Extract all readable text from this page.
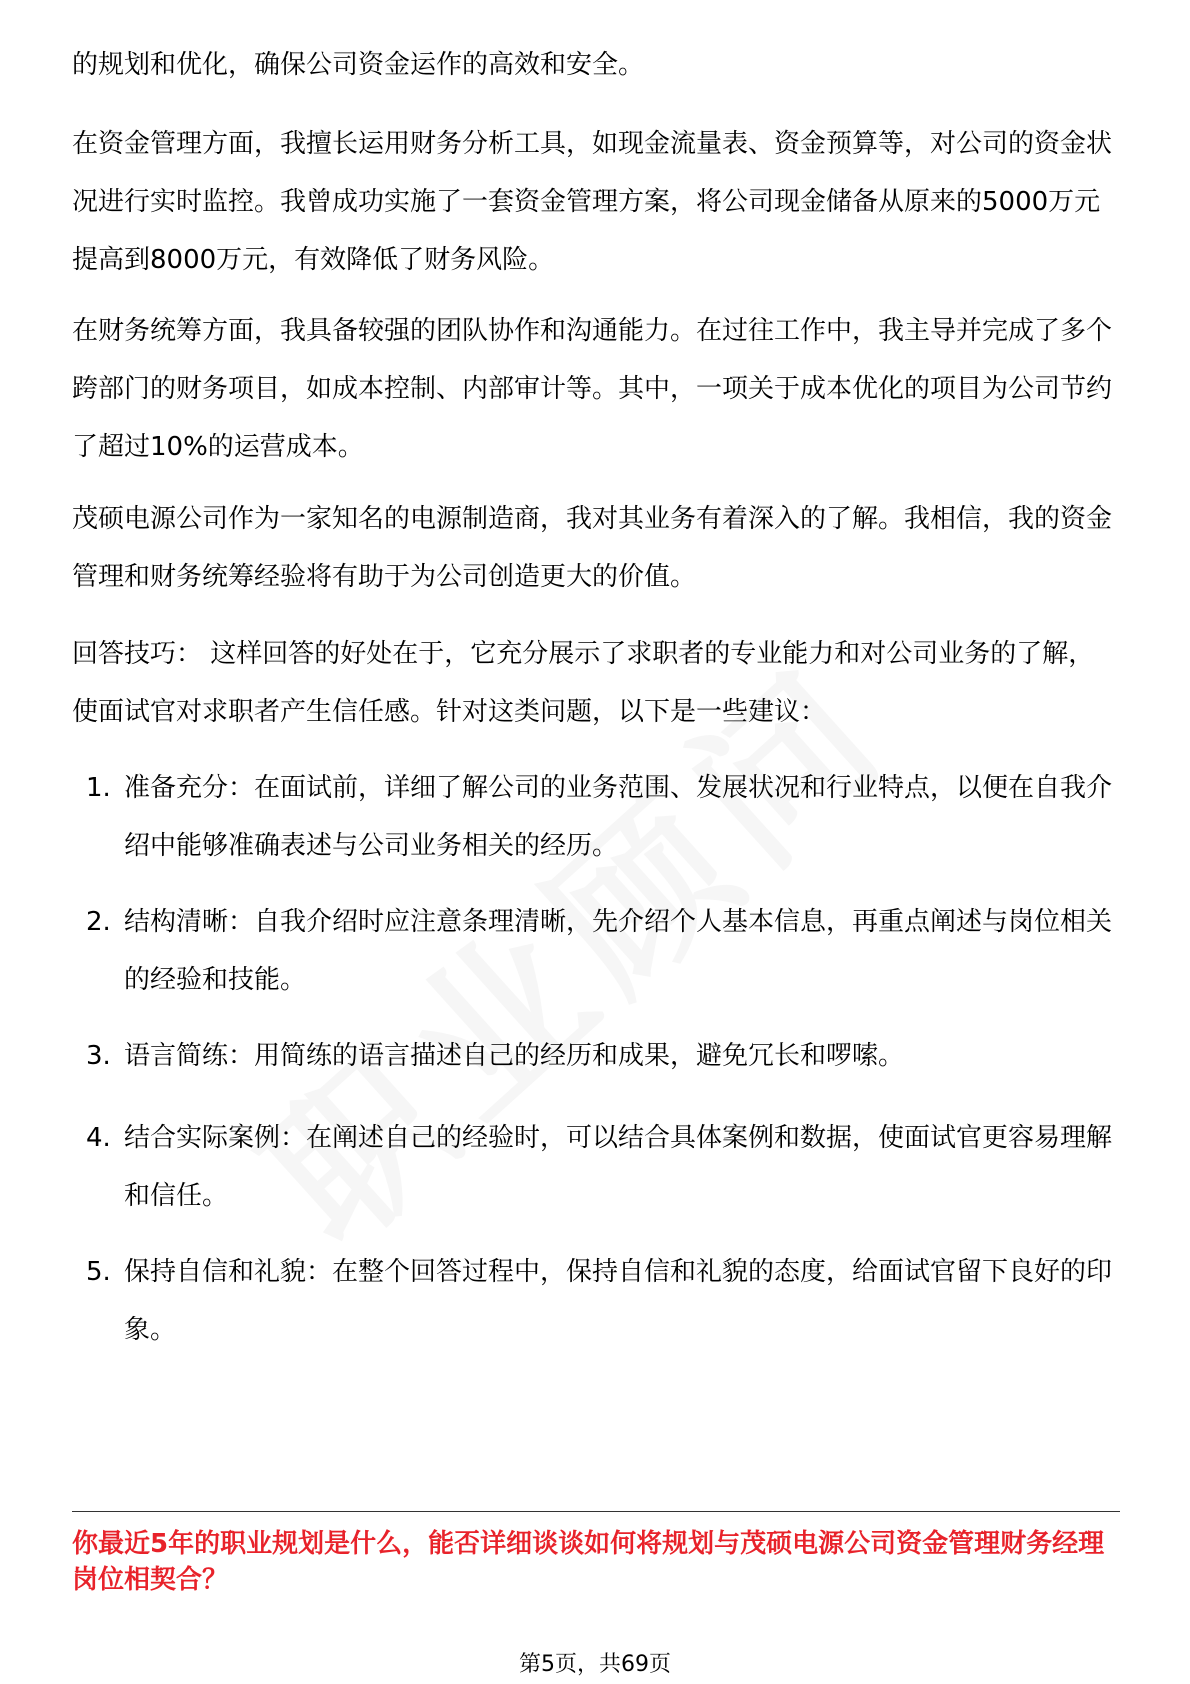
的规划和优化，确保公司资金运作的高效和安全。

在资金管理方面，我擅长运用财务分析工具，如现金流量表、资金预算等，对公司的资金状况进行实时监控。我曾成功实施了一套资金管理方案，将公司现金储备从原来的5000万元提高到8000万元，有效降低了财务风险。

在财务统筹方面，我具备较强的团队协作和沟通能力。在过往工作中，我主导并完成了多个跨部门的财务项目，如成本控制、内部审计等。其中，一项关于成本优化的项目为公司节约了超过10%的运营成本。

茂硕电源公司作为一家知名的电源制造商，我对其业务有着深入的了解。我相信，我的资金管理和财务统筹经验将有助于为公司创造更大的价值。

回答技巧： 这样回答的好处在于，它充分展示了求职者的专业能力和对公司业务的了解，使面试官对求职者产生信任感。针对这类问题，以下是一些建议：

1. 准备充分：在面试前，详细了解公司的业务范围、发展状况和行业特点，以便在自我介绍中能够准确表述与公司业务相关的经历。
2. 结构清晰：自我介绍时应注意条理清晰，先介绍个人基本信息，再重点阐述与岗位相关的经验和技能。
3. 语言简练：用简练的语言描述自己的经历和成果，避免冗长和啰嗦。
4. 结合实际案例：在阐述自己的经验时，可以结合具体案例和数据，使面试官更容易理解和信任。
5. 保持自信和礼貌：在整个回答过程中，保持自信和礼貌的态度，给面试官留下良好的印象。

你最近5年的职业规划是什么，能否详细谈谈如何将规划与茂硕电源公司资金管理财务经理岗位相契合？

第5页，共69页
